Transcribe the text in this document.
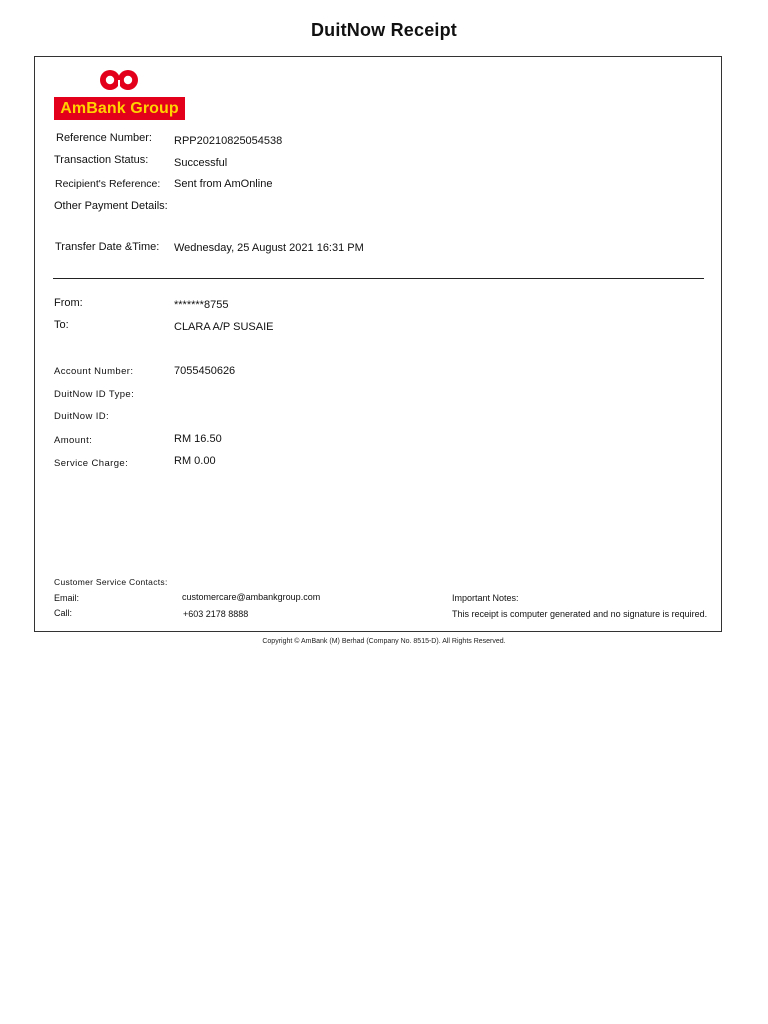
DuitNow Receipt
AmBank Group
Reference Number: RPP20210825054538
Transaction Status: Successful
Recipient's Reference: Sent from AmOnline
Other Payment Details:
Transfer Date &Time: Wednesday, 25 August 2021 16:31 PM
From:	*******8755
To:	CLARA A/P SUSAIE
Account Number:	7055450626
DuitNow ID Type:
DuitNow ID:
Amount:	RM 16.50
Service Charge:	RM 0.00
Customer Service Contacts:
Email:	customercare@ambankgroup.com
Call:	+603 2178 8888
Important Notes:
This receipt is computer generated and no signature is required.
Copyright © AmBank (M) Berhad (Company No. 8515-D). All Rights Reserved.
